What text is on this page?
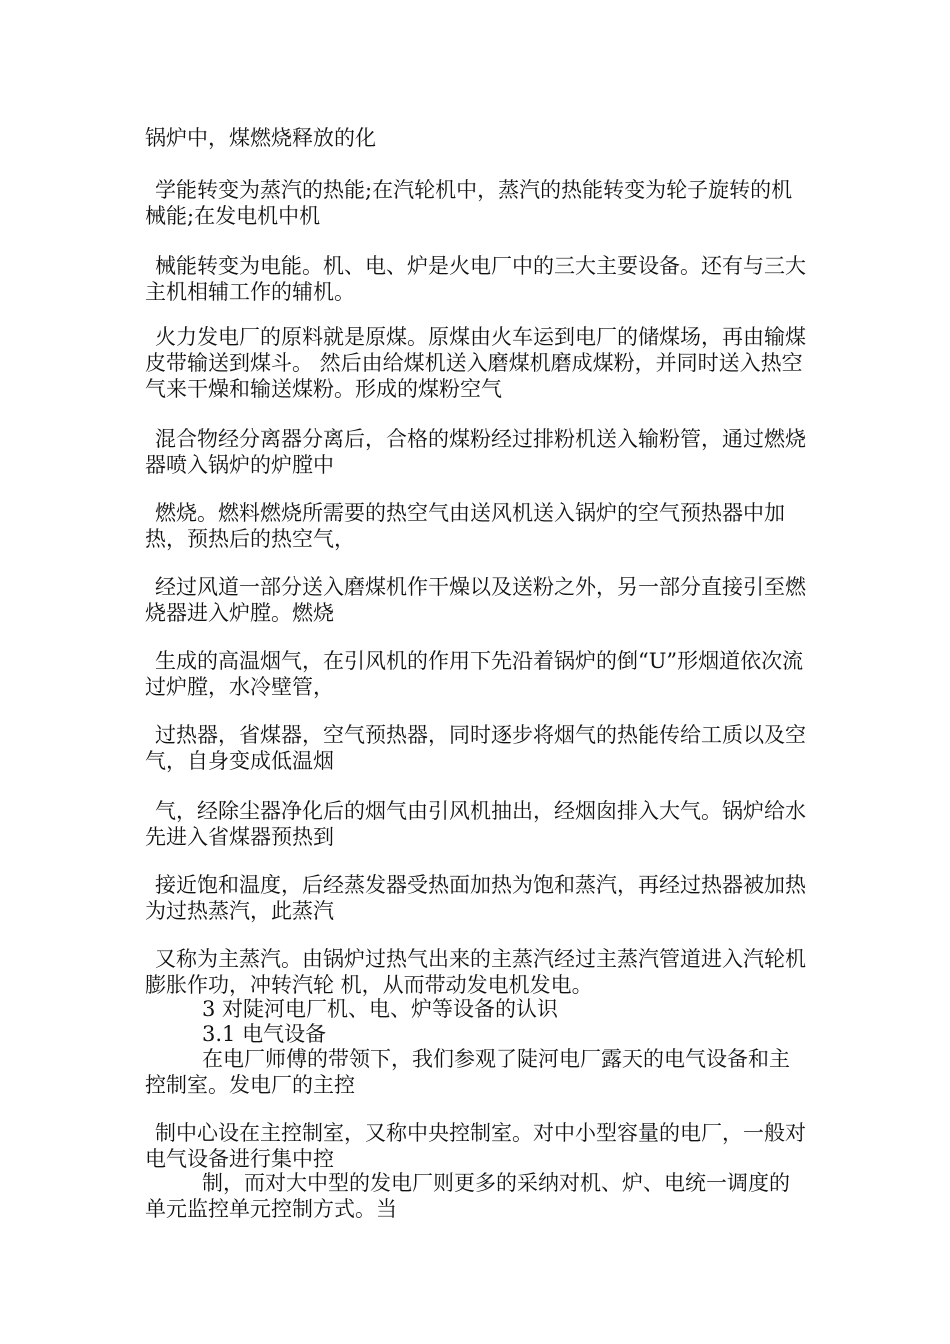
锅炉中，煤燃烧释放的化

学能转变为蒸汽的热能;在汽轮机中，蒸汽的热能转变为轮子旋转的机械能;在发电机中机

械能转变为电能。机、电、炉是火电厂中的三大主要设备。还有与三大主机相辅工作的辅机。

火力发电厂的原料就是原煤。原煤由火车运到电厂的储煤场，再由输煤皮带输送到煤斗。 然后由给煤机送入磨煤机磨成煤粉，并同时送入热空气来干燥和输送煤粉。形成的煤粉空气

混合物经分离器分离后，合格的煤粉经过排粉机送入输粉管，通过燃烧器喷入锅炉的炉膛中

燃烧。燃料燃烧所需要的热空气由送风机送入锅炉的空气预热器中加热，预热后的热空气，

经过风道一部分送入磨煤机作干燥以及送粉之外，另一部分直接引至燃烧器进入炉膛。燃烧

生成的高温烟气，在引风机的作用下先沿着锅炉的倒“U”形烟道依次流过炉膛，水冷壁管，

过热器，省煤器，空气预热器，同时逐步将烟气的热能传给工质以及空气，自身变成低温烟

气，经除尘器净化后的烟气由引风机抽出，经烟囱排入大气。锅炉给水先进入省煤器预热到

接近饱和温度，后经蒸发器受热面加热为饱和蒸汽，再经过热器被加热为过热蒸汽，此蒸汽

又称为主蒸汽。由锅炉过热气出来的主蒸汽经过主蒸汽管道进入汽轮机膨胀作功，冲转汽轮 机，从而带动发电机发电。

3 对陡河电厂机、电、炉等设备的认识

3.1 电气设备

在电厂师傅的带领下，我们参观了陡河电厂露天的电气设备和主控制室。发电厂的主控

制中心设在主控制室，又称中央控制室。对中小型容量的电厂，一般对电气设备进行集中控

制，而对大中型的发电厂则更多的采纳对机、炉、电统一调度的单元监控单元控制方式。当
